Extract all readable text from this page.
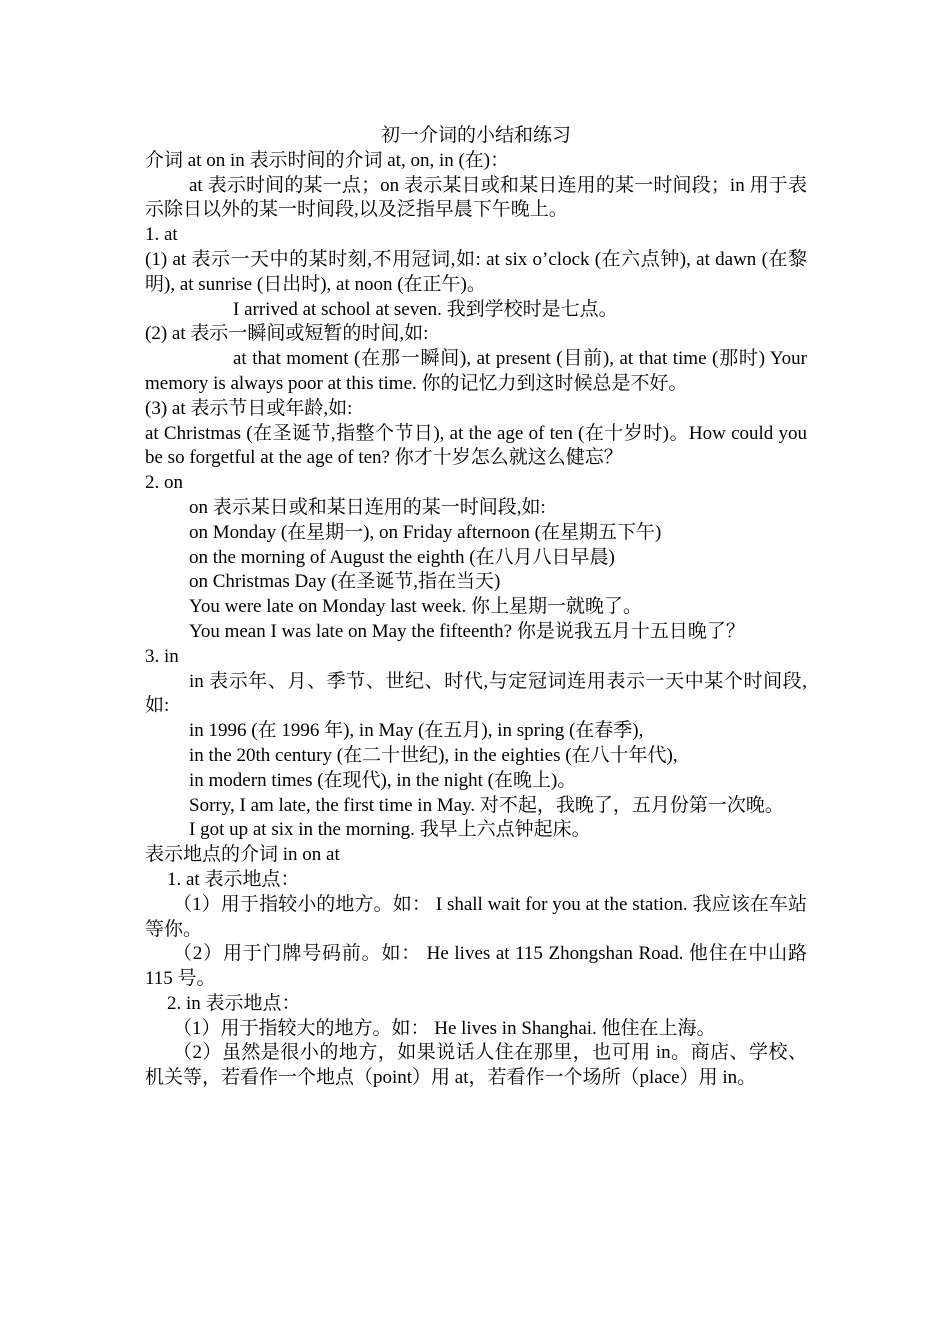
初一介词的小结和练习

介词 at on in 表示时间的介词 at, on, in (在)：

at 表示时间的某一点；on 表示某日或和某日连用的某一时间段；in 用于表示除日以外的某一时间段,以及泛指早晨下午晚上。

1. at

(1) at 表示一天中的某时刻,不用冠词,如: at six o’clock (在六点钟), at dawn (在黎明), at sunrise (日出时), at noon (在正午)。

I arrived at school at seven. 我到学校时是七点。

(2) at 表示一瞬间或短暂的时间,如:

at that moment (在那一瞬间), at present (目前), at that time (那时) Your memory is always poor at this time. 你的记忆力到这时候总是不好。

(3) at 表示节日或年龄,如:

at Christmas (在圣诞节,指整个节日), at the age of ten (在十岁时)。How could you be so forgetful at the age of ten? 你才十岁怎么就这么健忘？

2. on

on 表示某日或和某日连用的某一时间段,如:

on Monday (在星期一), on Friday afternoon (在星期五下午)

on the morning of August the eighth (在八月八日早晨)

on Christmas Day (在圣诞节,指在当天)

You were late on Monday last week. 你上星期一就晚了。

You mean I was late on May the fifteenth? 你是说我五月十五日晚了？

3. in

in 表示年、月、季节、世纪、时代,与定冠词连用表示一天中某个时间段,如:

in 1996 (在 1996 年), in May (在五月), in spring (在春季),

in the 20th century (在二十世纪), in the eighties (在八十年代),

in modern times (在现代), in the night (在晚上)。

Sorry, I am late, the first time in May. 对不起，我晚了，五月份第一次晚。

I got up at six in the morning. 我早上六点钟起床。

表示地点的介词 in on at

1. at 表示地点：

（1）用于指较小的地方。如： I shall wait for you at the station. 我应该在车站等你。

（2）用于门牌号码前。如： He lives at 115 Zhongshan Road. 他住在中山路 115 号。

2. in 表示地点：

（1）用于指较大的地方。如： He lives in Shanghai. 他住在上海。

（2）虽然是很小的地方，如果说话人住在那里，也可用 in。商店、学校、机关等，若看作一个地点（point）用 at，若看作一个场所（place）用 in。
